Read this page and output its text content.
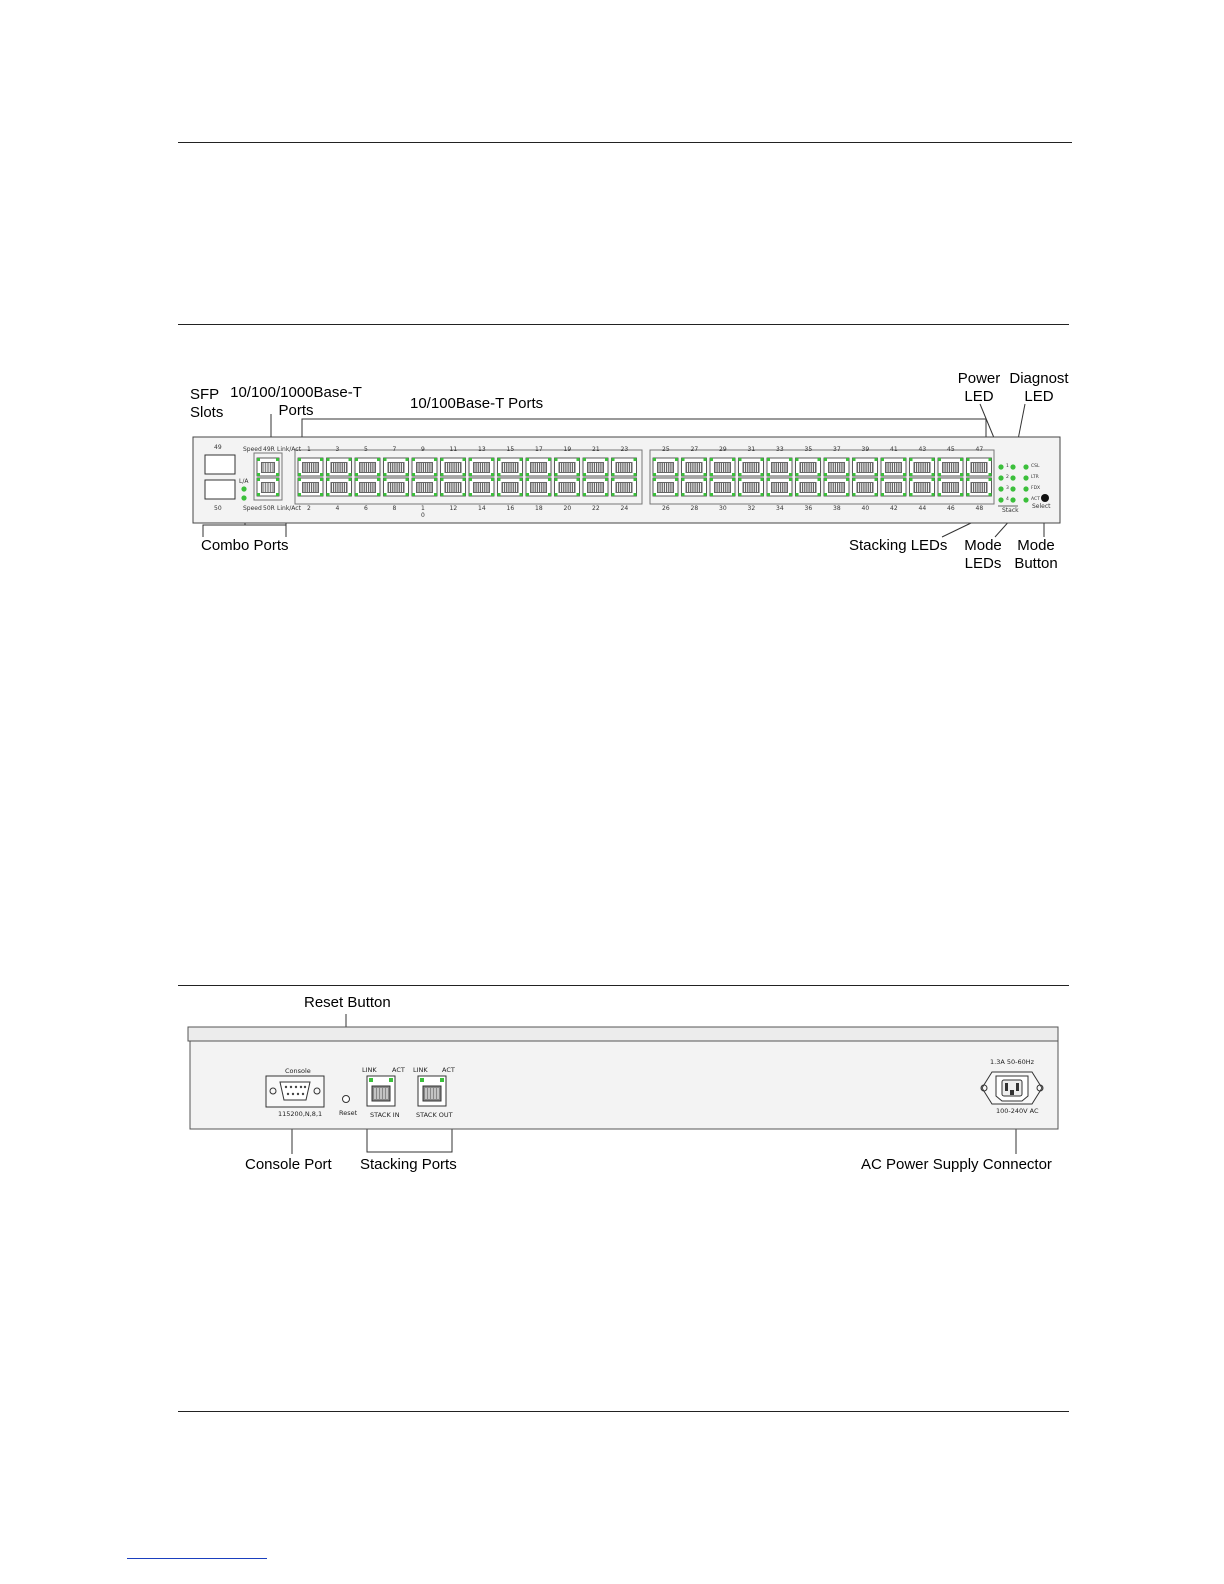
SFP
Slots
10/100/1000Base-T
Ports	10/100Base-T Ports
Power
LED
Diagnost
LED
Combo Ports	Stacking LEDs	Mode
LEDs
Mode
Button
49
50
L/A
Speed 49R Link/Act
Speed 50R Link/Act	Stack
Select
1
2
3
4
5
6
7
8
9
1
0
11
12
13
14
15
16
17
18
19
20
21
22
23
24
25
26
27
28
29
30
31
32
33
34
35
36
37
38
39
40
41
42
43
44
45
46
47
48
CSL
1
LTR
2
FDX
3
ACT
4
Reset Button
Console Port Stacking Ports	AC Power Supply Connector
Console
115200,N,8,1	Reset
LINK ACT LINK ACT
STACK IN	STACK OUT
1.3A 50-60Hz
100-240V AC
